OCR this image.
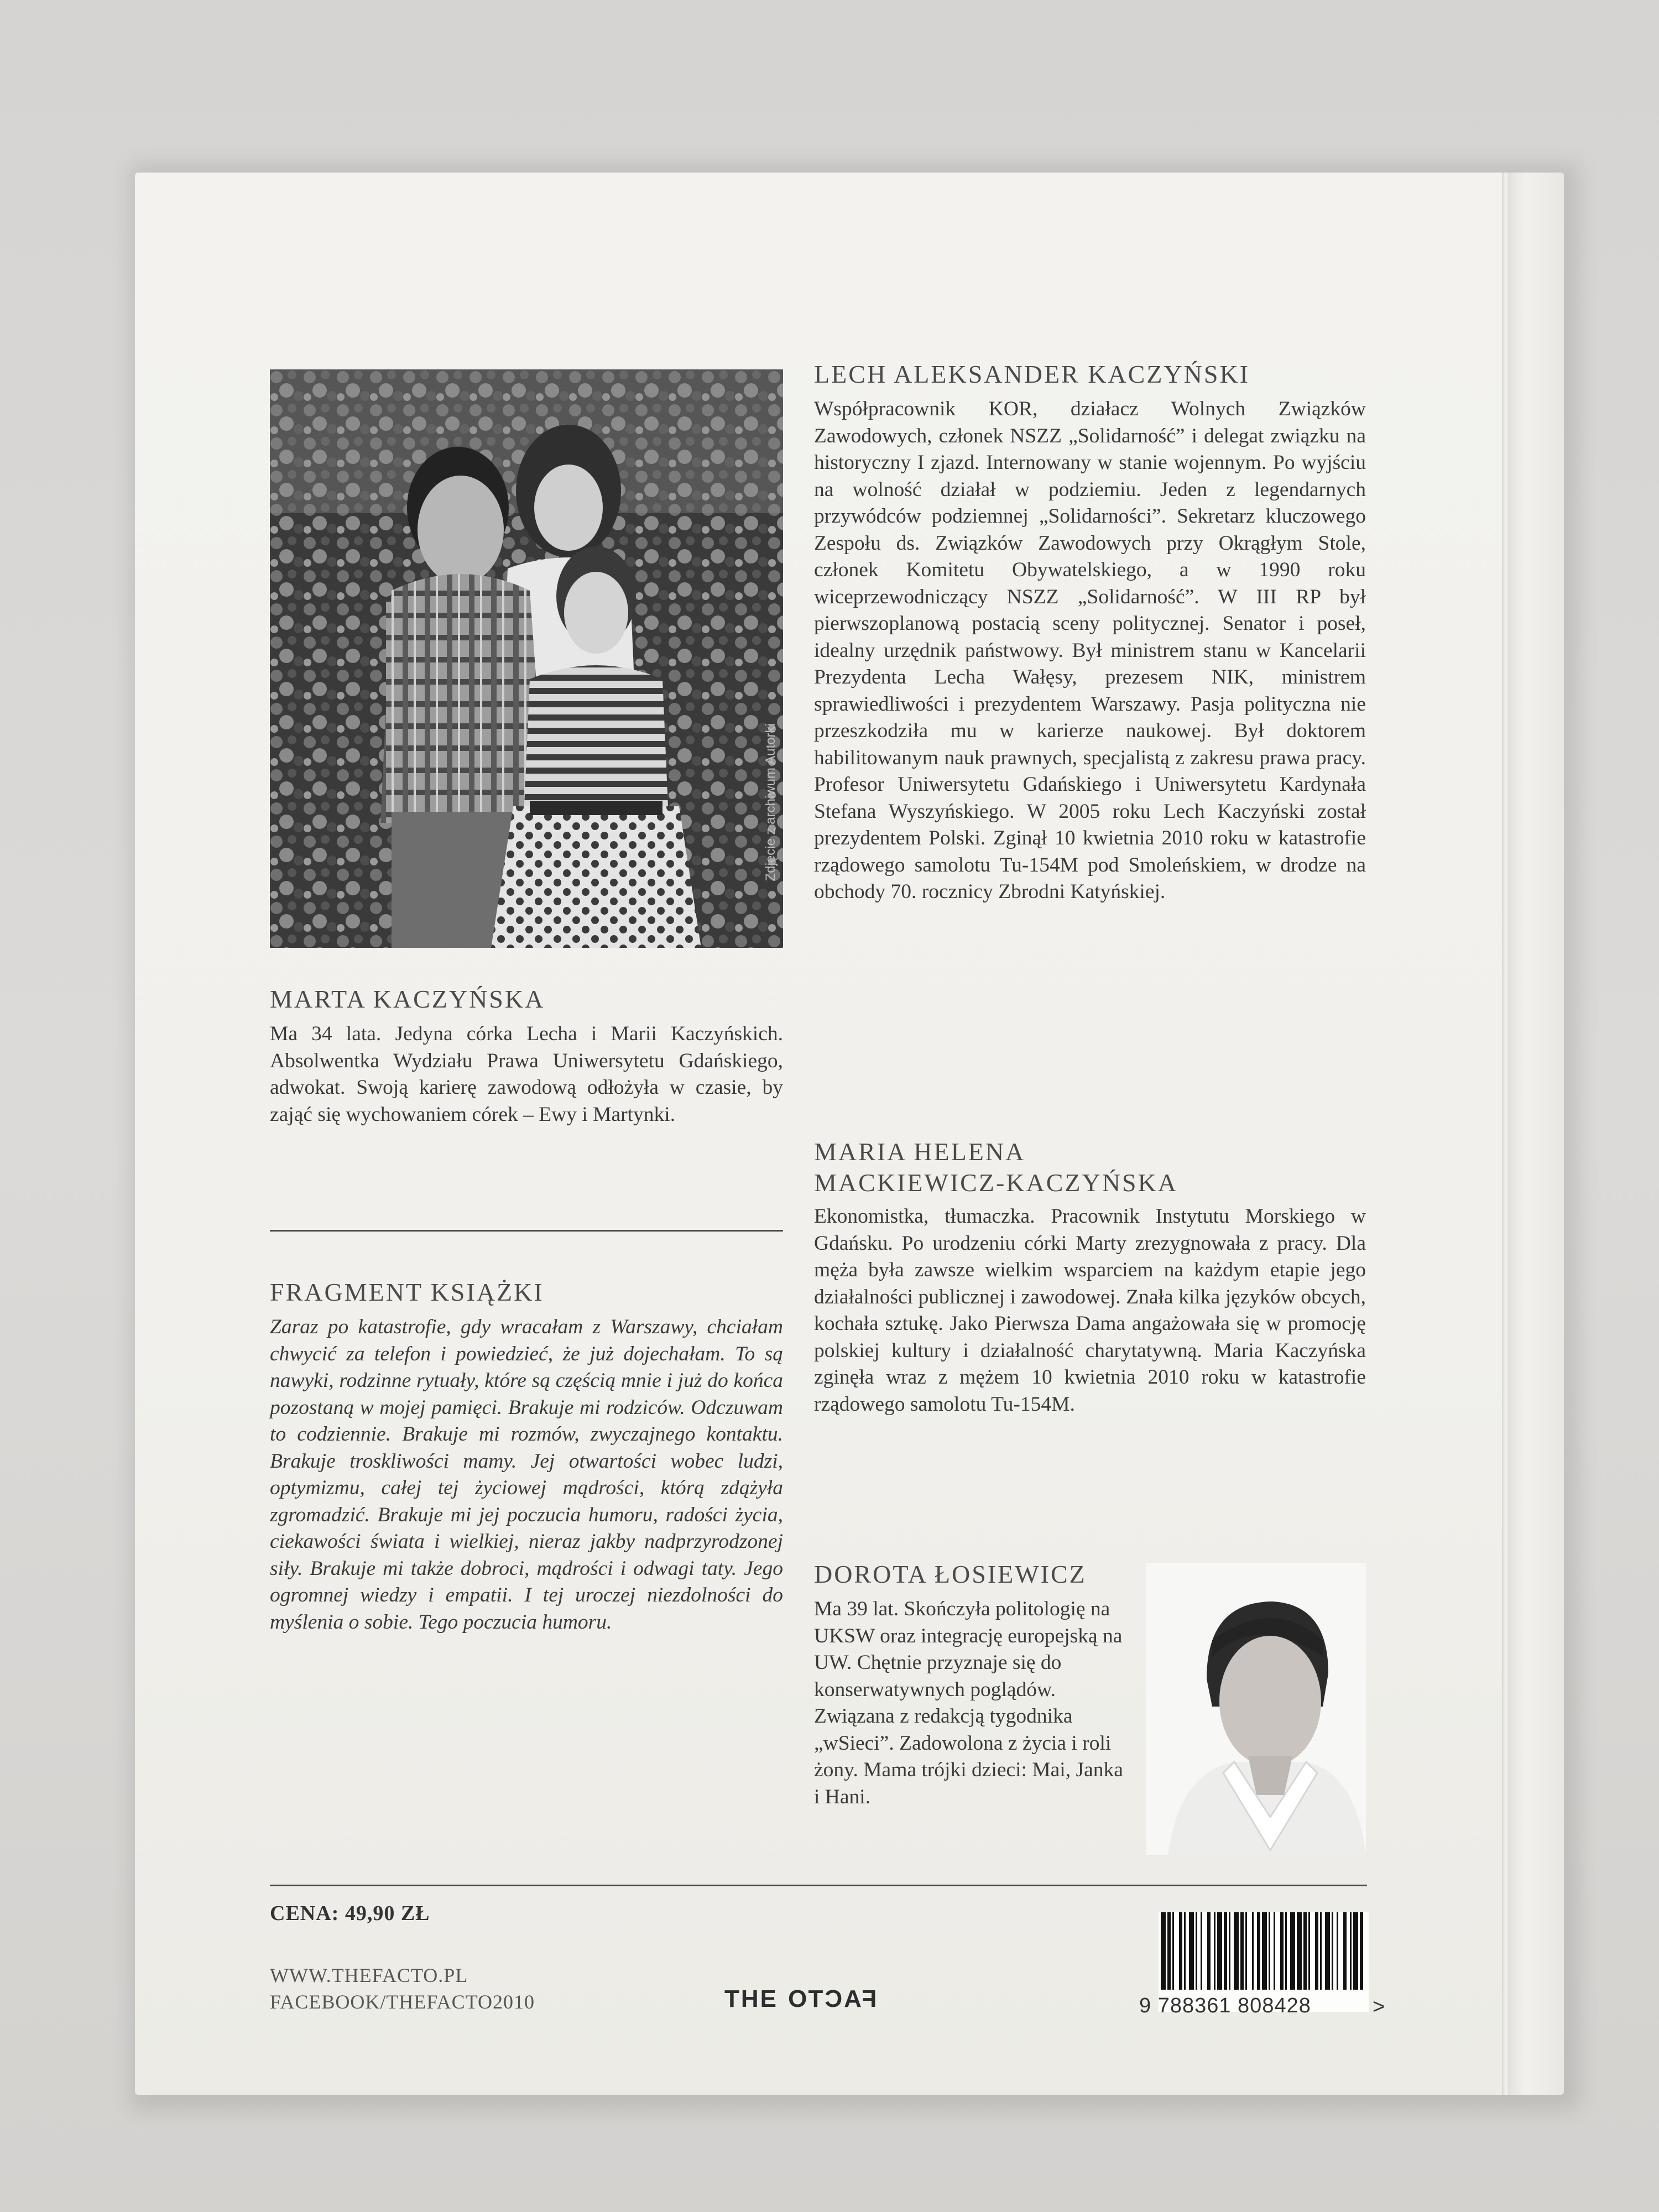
Zdjęcie z archiwum Autorki
MARTA KACZYŃSKA
Ma 34 lata. Jedyna córka Lecha i Marii Kaczyńskich. Absolwentka Wydziału Prawa Uniwersytetu Gdańskiego, adwokat. Swoją karierę zawodową odłożyła w czasie, by zająć się wychowaniem córek – Ewy i Martynki.
FRAGMENT KSIĄŻKI
Zaraz po katastrofie, gdy wracałam z Warszawy, chciałam chwycić za telefon i powiedzieć, że już dojechałam. To są nawyki, rodzinne rytuały, które są częścią mnie i już do końca pozostaną w mojej pamięci. Brakuje mi rodziców. Odczuwam to codziennie. Brakuje mi rozmów, zwyczajnego kontaktu. Brakuje troskliwości mamy. Jej otwartości wobec ludzi, optymizmu, całej tej życiowej mądrości, którą zdążyła zgromadzić. Brakuje mi jej poczucia humoru, radości życia, ciekawości świata i wielkiej, nieraz jakby nadprzyrodzonej siły. Brakuje mi także dobroci, mądrości i odwagi taty. Jego ogromnej wiedzy i empatii. I tej uroczej niezdolności do myślenia o sobie. Tego poczucia humoru.
LECH ALEKSANDER KACZYŃSKI
Współpracownik KOR, działacz Wolnych Związków Zawodowych, członek NSZZ „Solidarność” i delegat związku na historyczny I zjazd. Internowany w stanie wojennym. Po wyjściu na wolność działał w podziemiu. Jeden z legendarnych przywódców podziemnej „Solidarności”. Sekretarz kluczowego Zespołu ds. Związków Zawodowych przy Okrągłym Stole, członek Komitetu Obywatelskiego, a w 1990 roku wiceprzewodniczący NSZZ „Solidarność”. W III RP był pierwszoplanową postacią sceny politycznej. Senator i poseł, idealny urzędnik państwowy. Był ministrem stanu w Kancelarii Prezydenta Lecha Wałęsy, prezesem NIK, ministrem sprawiedliwości i prezydentem Warszawy. Pasja polityczna nie przeszkodziła mu w karierze naukowej. Był doktorem habilitowanym nauk prawnych, specjalistą z zakresu prawa pracy. Profesor Uniwersytetu Gdańskiego i Uniwersytetu Kardynała Stefana Wyszyńskiego. W 2005 roku Lech Kaczyński został prezydentem Polski. Zginął 10 kwietnia 2010 roku w katastrofie rządowego samolotu Tu-154M pod Smoleńskiem, w drodze na obchody 70. rocznicy Zbrodni Katyńskiej.
MARIA HELENA
MACKIEWICZ-KACZYŃSKA
Ekonomistka, tłumaczka. Pracownik Instytutu Morskiego w Gdańsku. Po urodzeniu córki Marty zrezygnowała z pracy. Dla męża była zawsze wielkim wsparciem na każdym etapie jego działalności publicznej i zawodowej. Znała kilka języków obcych, kochała sztukę. Jako Pierwsza Dama angażowała się w promocję polskiej kultury i działalność charytatywną. Maria Kaczyńska zginęła wraz z mężem 10 kwietnia 2010 roku w katastrofie rządowego samolotu Tu-154M.
DOROTA ŁOSIEWICZ
Ma 39 lat. Skończyła politologię na UKSW oraz integrację europejską na UW. Chętnie przyznaje się do konserwatywnych poglądów. Związana z redakcją tygodnika „wSieci”. Zadowolona z życia i roli żony. Mama trójki dzieci: Mai, Janka i Hani.
CENA: 49,90 ZŁ
WWW.THEFACTO.PL
FACEBOOK/THEFACTO2010	THE FACTO	9 788361 808428	>
